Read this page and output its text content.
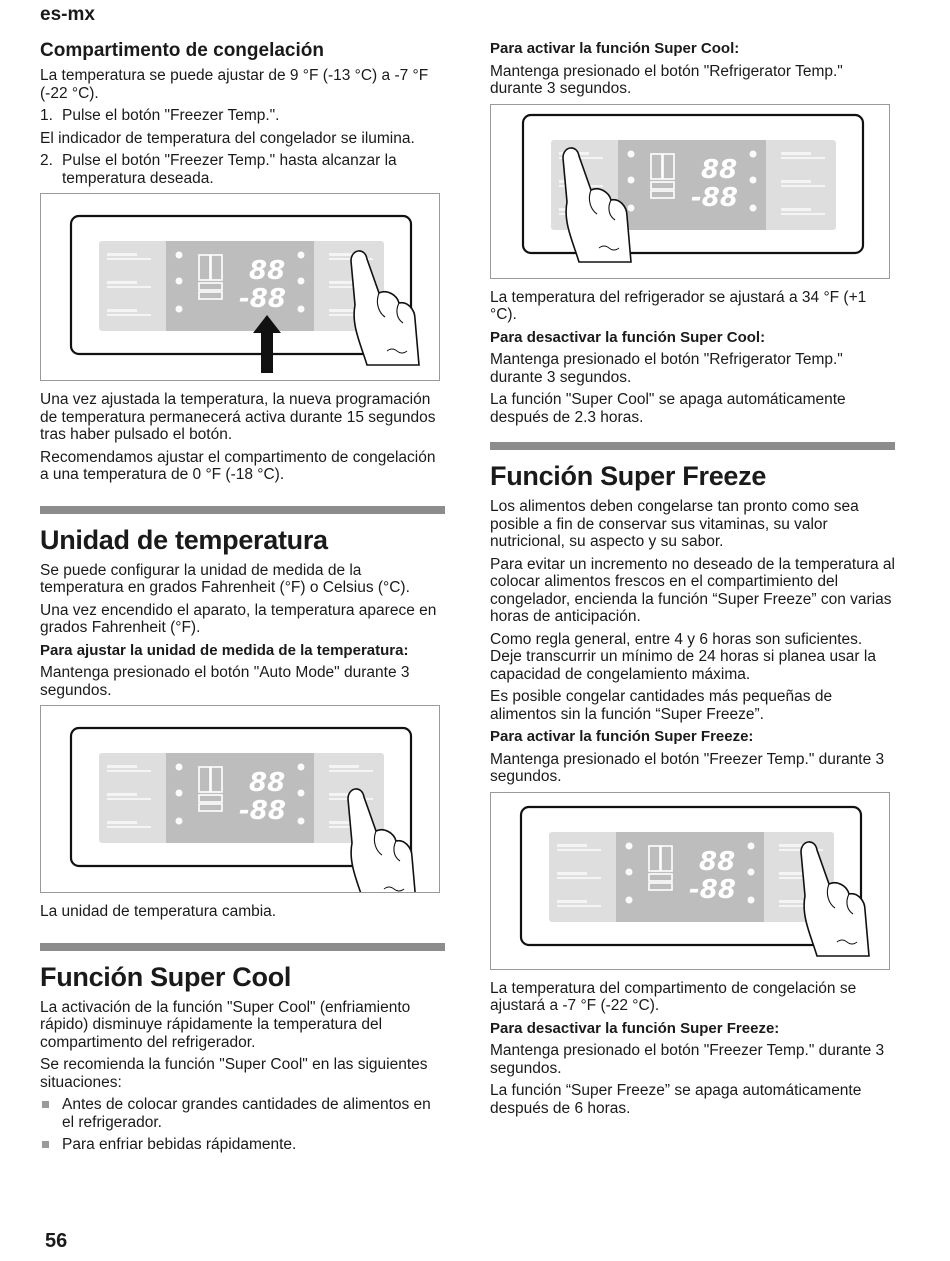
es-mx
Compartimento de congelación
La temperatura se puede ajustar de 9 °F (-13 °C) a -7 °F (-22 °C).
1. Pulse el botón "Freezer Temp.".
El indicador de temperatura del congelador se ilumina.
2. Pulse el botón "Freezer Temp." hasta alcanzar la temperatura deseada.
88
-88
Una vez ajustada la temperatura, la nueva programación de temperatura permanecerá activa durante 15 segundos tras haber pulsado el botón.
Recomendamos ajustar el compartimento de congelación a una temperatura de 0 °F (-18 °C).
Unidad de temperatura
Se puede configurar la unidad de medida de la temperatura en grados Fahrenheit (°F) o Celsius (°C).
Una vez encendido el aparato, la temperatura aparece en grados Fahrenheit (°F).
Para ajustar la unidad de medida de la temperatura:
Mantenga presionado el botón "Auto Mode" durante 3 segundos.
88
-88
La unidad de temperatura cambia.
Función Super Cool
La activación de la función "Super Cool" (enfriamiento rápido) disminuye rápidamente la temperatura del compartimento del refrigerador.
Se recomienda la función "Super Cool" en las siguientes situaciones:
Antes de colocar grandes cantidades de alimentos en el refrigerador.
Para enfriar bebidas rápidamente.
Para activar la función Super Cool:
Mantenga presionado el botón "Refrigerator Temp." durante 3 segundos.
88
-88
La temperatura del refrigerador se ajustará a 34 °F (+1 °C).
Para desactivar la función Super Cool:
Mantenga presionado el botón "Refrigerator Temp." durante 3 segundos.
La función "Super Cool" se apaga automáticamente después de 2.3 horas.
Función Super Freeze
Los alimentos deben congelarse tan pronto como sea posible a fin de conservar sus vitaminas, su valor nutricional, su aspecto y su sabor.
Para evitar un incremento no deseado de la temperatura al colocar alimentos frescos en el compartimiento del congelador, encienda la función “Super Freeze” con varias horas de anticipación.
Como regla general, entre 4 y 6 horas son suficientes. Deje transcurrir un mínimo de 24 horas si planea usar la capacidad de congelamiento máxima.
Es posible congelar cantidades más pequeñas de alimentos sin la función “Super Freeze”.
Para activar la función Super Freeze:
Mantenga presionado el botón "Freezer Temp." durante 3 segundos.
88
-88
La temperatura del compartimento de congelación se ajustará a -7 °F (-22 °C).
Para desactivar la función Super Freeze:
Mantenga presionado el botón "Freezer Temp." durante 3 segundos.
La función “Super Freeze” se apaga automáticamente después de 6 horas.
56
